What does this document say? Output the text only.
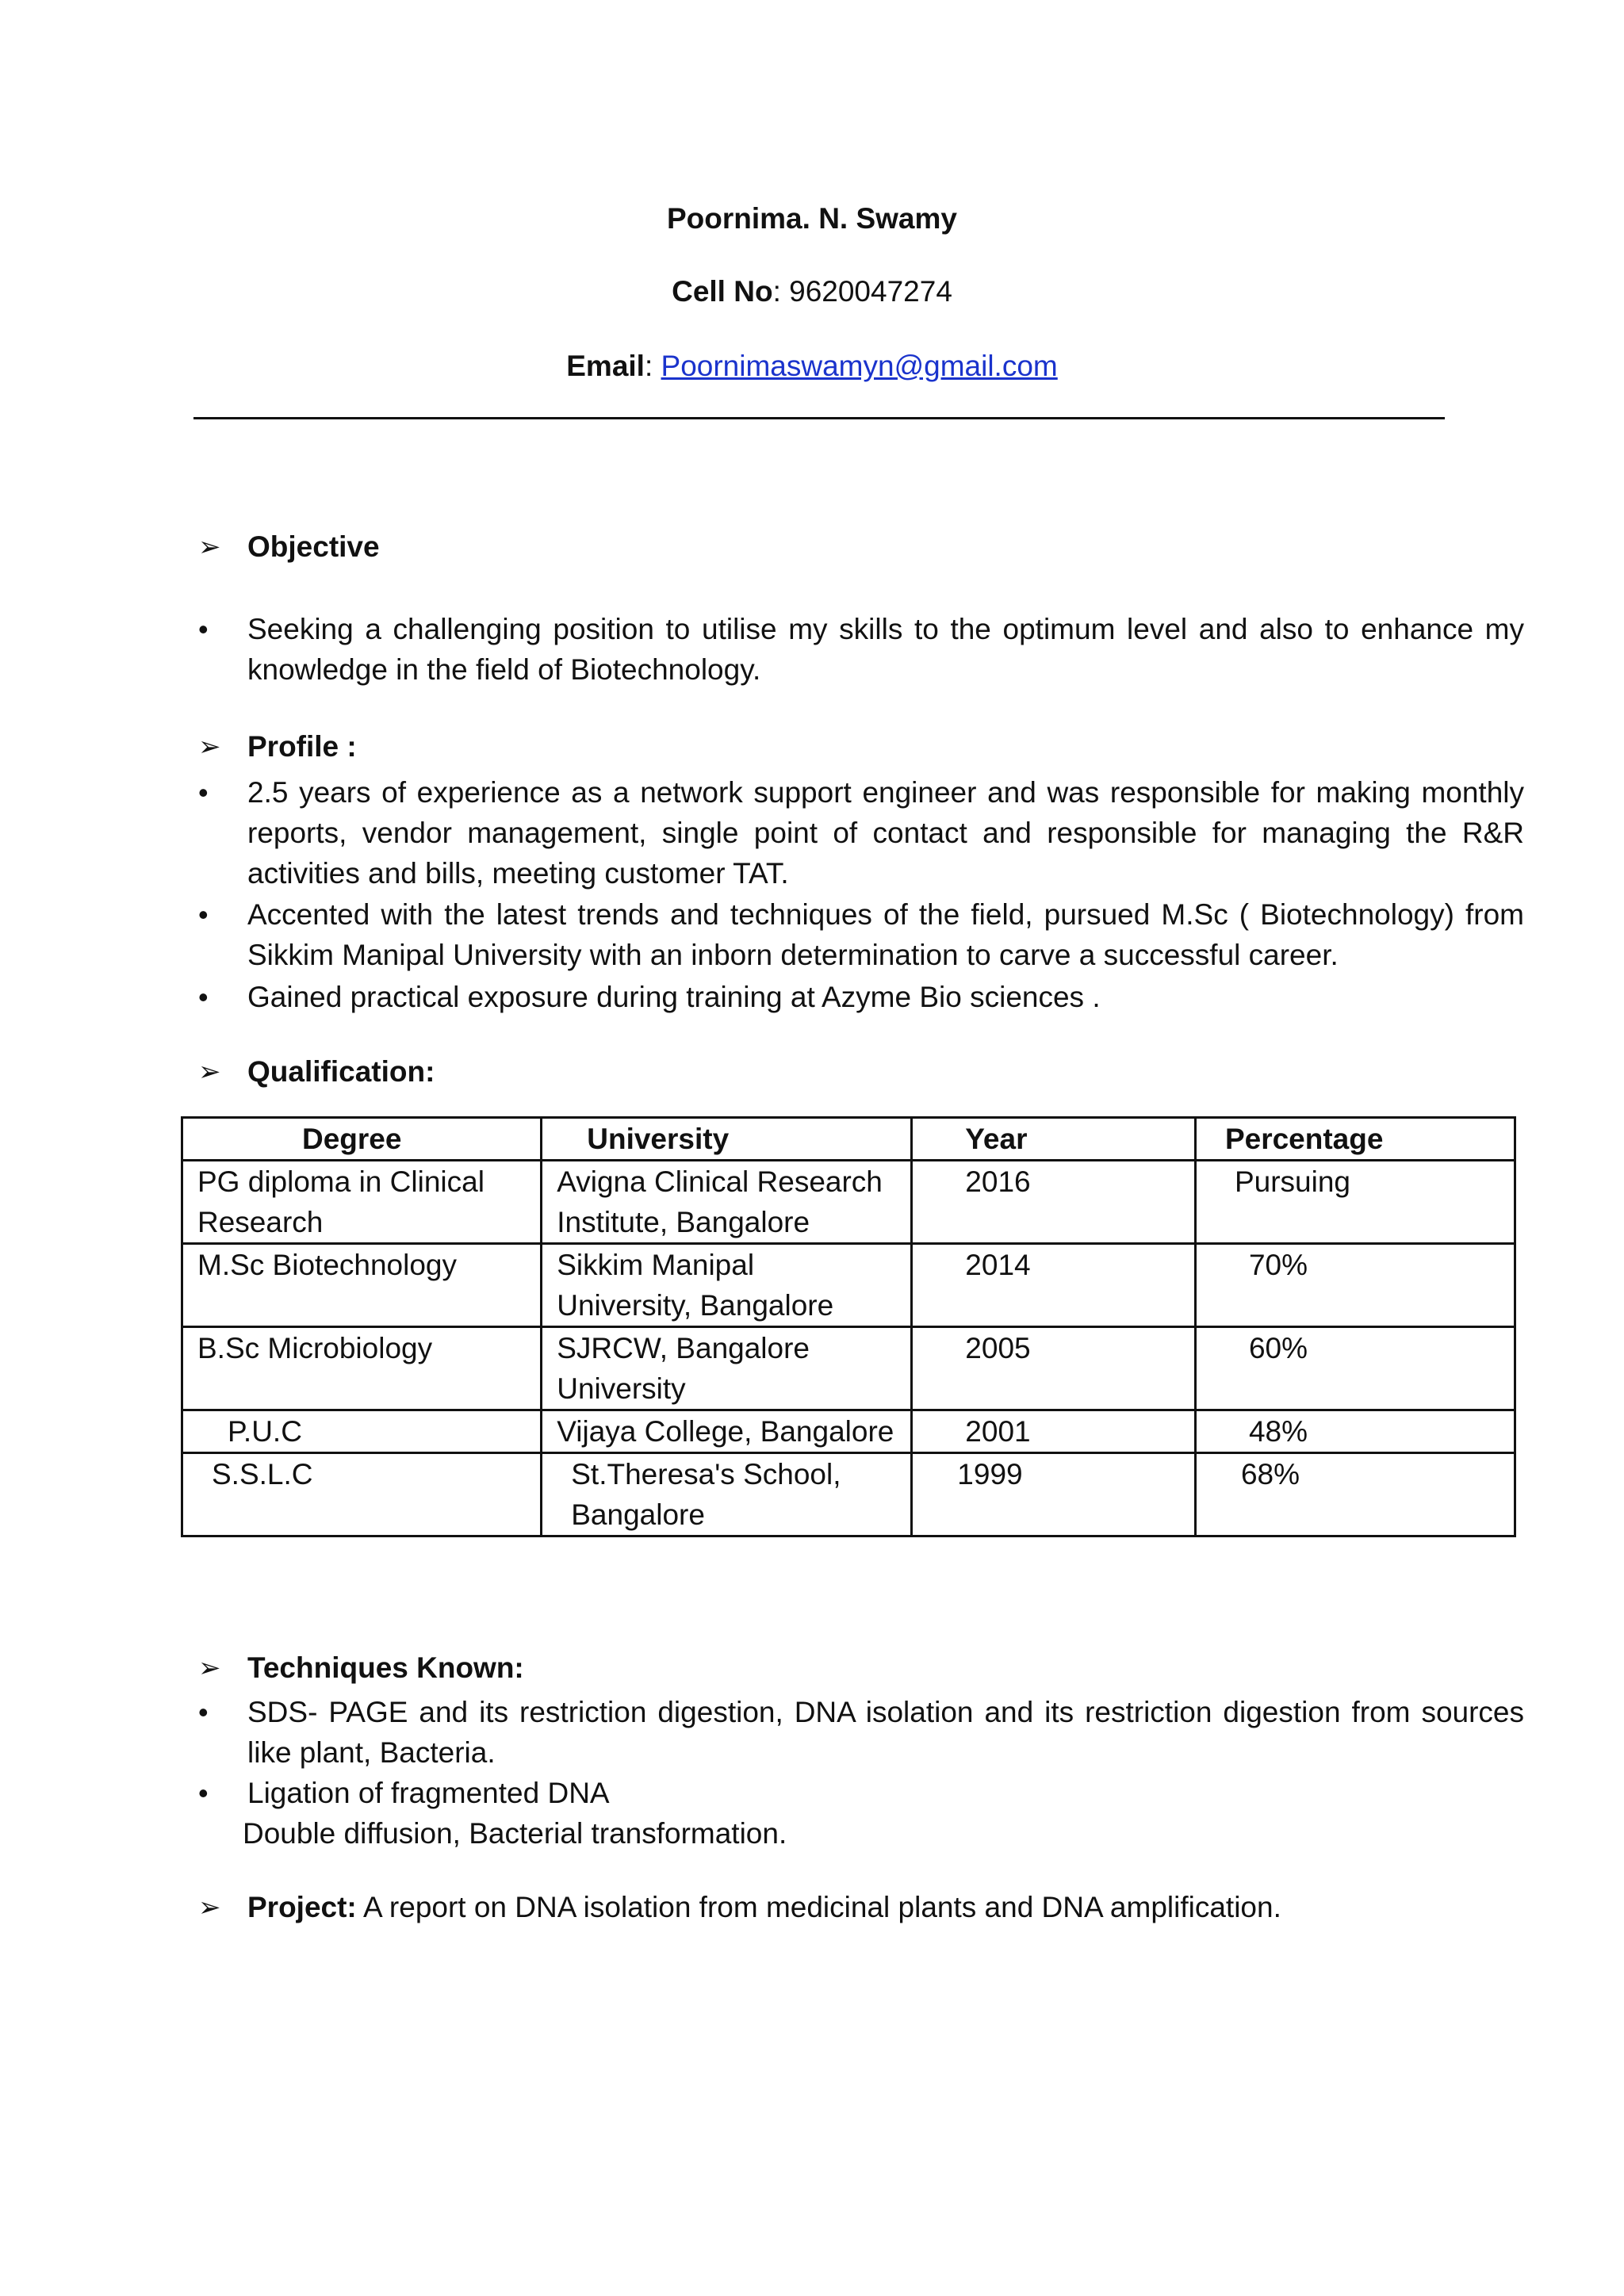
Poornima. N. Swamy
Cell No: 9620047274
Email: Poornimaswamyn@gmail.com
➢ Objective
•	Seeking a challenging position to utilise my skills to the optimum level and also to enhance my knowledge in the field of Biotechnology.
➢ Profile :
•	2.5 years of experience as a network support engineer and was responsible for making monthly reports, vendor management, single point of contact and responsible for managing the R&R activities and bills, meeting customer TAT.
•	Accented with the latest trends and techniques of the field, pursued M.Sc ( Biotechnology) from Sikkim Manipal University with an inborn determination to carve a successful career.
•	Gained practical exposure during training at Azyme Bio sciences .
➢ Qualification:
Degree	University	Year	Percentage
PG diploma in Clinical Research	Avigna Clinical Research Institute, Bangalore	2016	Pursuing
M.Sc Biotechnology	Sikkim Manipal University, Bangalore	2014	70%
B.Sc Microbiology	SJRCW, Bangalore University	2005	60%
P.U.C	Vijaya College, Bangalore	2001	48%
S.S.L.C	St.Theresa's School, Bangalore	1999	68%
➢ Techniques Known:
•	SDS- PAGE and its restriction digestion, DNA isolation and its restriction digestion from sources like plant, Bacteria.
•	Ligation of fragmented DNA
Double diffusion, Bacterial transformation.
➢ Project: A report on DNA isolation from medicinal plants and DNA amplification.
